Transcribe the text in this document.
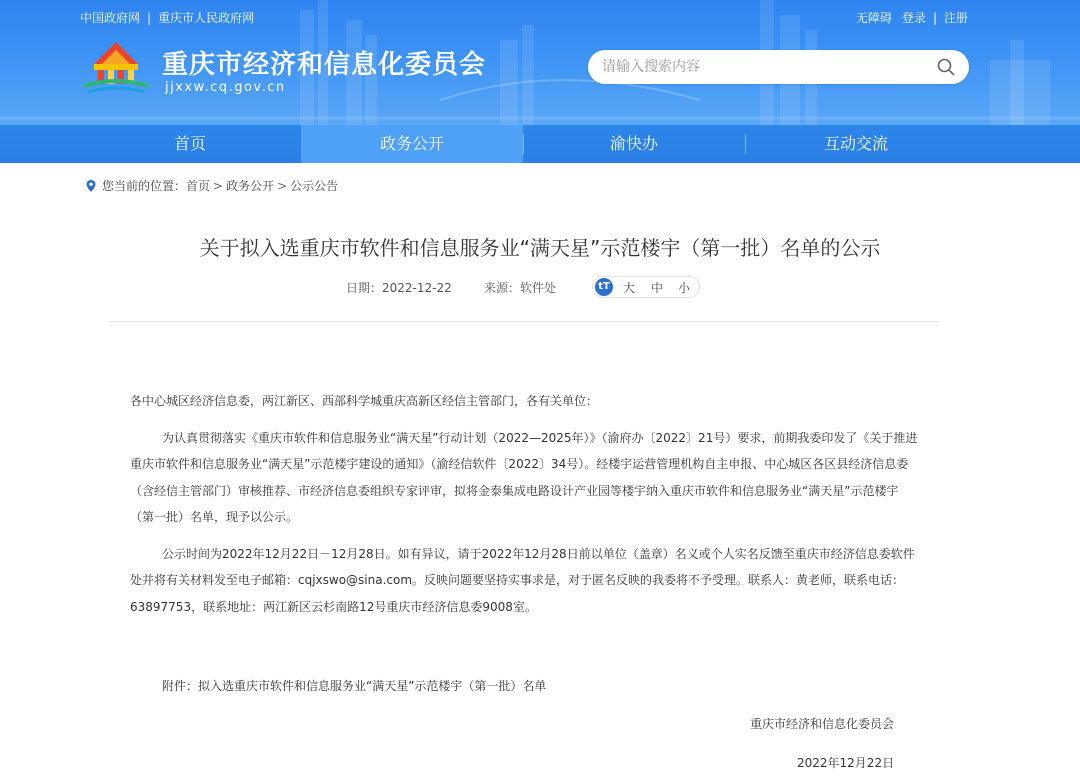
中国政府网 | 重庆市人民政府网	无障碍 登录 | 注册
重庆市经济和信息化委员会
jjxxw.cq.gov.cn
请输入搜索内容
首页	政务公开	渝快办	互动交流
您当前的位置： 首页 > 政务公开 > 公示公告
关于拟入选重庆市软件和信息服务业“满天星”示范楼宇（第一批）名单的公示
日期：2022-12-22	来源：软件处	tT 大 中 小

各中心城区经济信息委，两江新区、西部科学城重庆高新区经信主管部门，各有关单位：

为认真贯彻落实《重庆市软件和信息服务业“满天星”行动计划（2022—2025年）》（渝府办〔2022〕21号）要求，前期我委印发了《关于推进重庆市软件和信息服务业“满天星”示范楼宇建设的通知》（渝经信软件〔2022〕34号）。经楼宇运营管理机构自主申报、中心城区各区县经济信息委（含经信主管部门）审核推荐、市经济信息委组织专家评审，拟将金泰集成电路设计产业园等楼宇纳入重庆市软件和信息服务业“满天星”示范楼宇（第一批）名单，现予以公示。

公示时间为2022年12月22日－12月28日。如有异议，请于2022年12月28日前以单位（盖章）名义或个人实名反馈至重庆市经济信息委软件处并将有关材料发至电子邮箱：cqjxswo@sina.com。反映问题要坚持实事求是，对于匿名反映的我委将不予受理。联系人：黄老师，联系电话：63897753，联系地址：两江新区云杉南路12号重庆市经济信息委9008室。

附件：拟入选重庆市软件和信息服务业“满天星”示范楼宇（第一批）名单
重庆市经济和信息化委员会
2022年12月22日
